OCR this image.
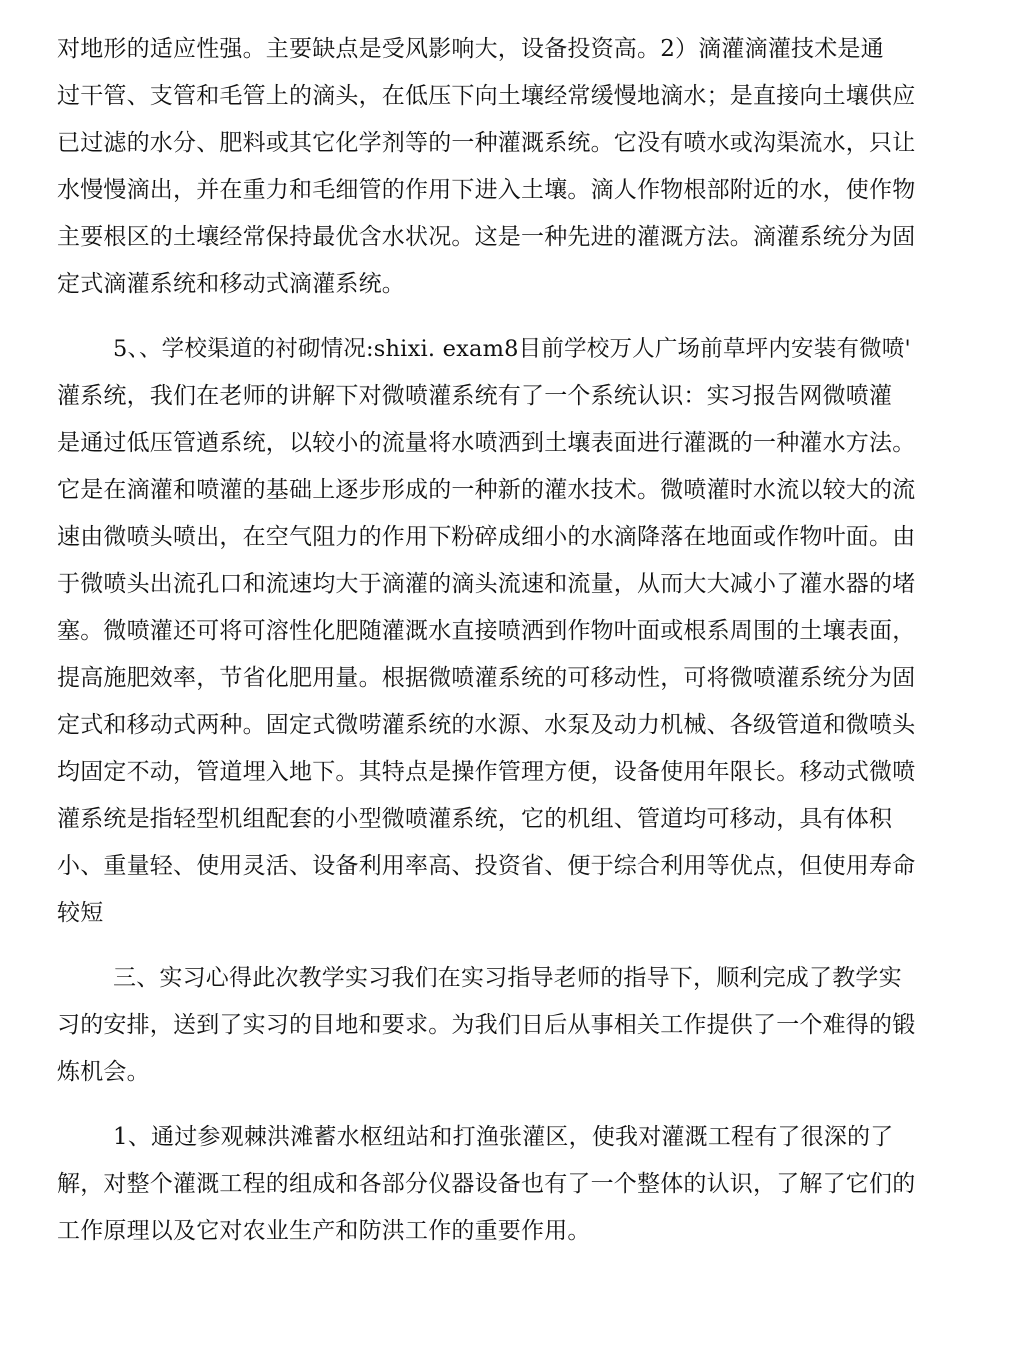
对地形的适应性强。主要缺点是受风影响大，设备投资高。2）滴灌滴灌技术是通
过干管、支管和毛管上的滴头，在低压下向土壤经常缓慢地滴水；是直接向土壤供应
已过滤的水分、肥料或其它化学剂等的一种灌溉系统。它没有喷水或沟渠流水，只让
水慢慢滴出，并在重力和毛细管的作用下进入土壤。滴人作物根部附近的水，使作物
主要根区的土壤经常保持最优含水状况。这是一种先进的灌溉方法。滴灌系统分为固
定式滴灌系统和移动式滴灌系统。
5、、学校渠道的衬砌情况:shixi. exam8目前学校万人广场前草坪内安装有微喷'
灌系统，我们在老师的讲解下对微喷灌系统有了一个系统认识：实习报告网微喷灌
是通过低压管遒系统，以较小的流量将水喷洒到土壤表面进行灌溉的一种灌水方法。
它是在滴灌和喷灌的基础上逐步形成的一种新的灌水技术。微喷灌时水流以较大的流
速由微喷头喷出，在空气阻力的作用下粉碎成细小的水滴降落在地面或作物叶面。由
于微喷头出流孔口和流速均大于滴灌的滴头流速和流量，从而大大减小了灌水器的堵
塞。微喷灌还可将可溶性化肥随灌溉水直接喷洒到作物叶面或根系周围的土壤表面，
提高施肥效率，节省化肥用量。根据微喷灌系统的可移动性，可将微喷灌系统分为固
定式和移动式两种。固定式微唠灌系统的水源、水泵及动力机械、各级管道和微喷头
均固定不动，管道埋入地下。其特点是操作管理方便，设备使用年限长。移动式微喷
灌系统是指轻型机组配套的小型微喷灌系统，它的机组、管道均可移动，具有体积
小、重量轻、使用灵活、设备利用率高、投资省、便于综合利用等优点，但使用寿命
较短
三、实习心得此次教学实习我们在实习指导老师的指导下，顺利完成了教学实
习的安排，送到了实习的目地和要求。为我们日后从事相关工作提供了一个难得的锻
炼机会。
1、通过参观棘洪滩蓄水枢纽站和打渔张灌区，使我对灌溉工程有了很深的了
解，对整个灌溉工程的组成和各部分仪器设备也有了一个整体的认识，了解了它们的
工作原理以及它对农业生产和防洪工作的重要作用。
